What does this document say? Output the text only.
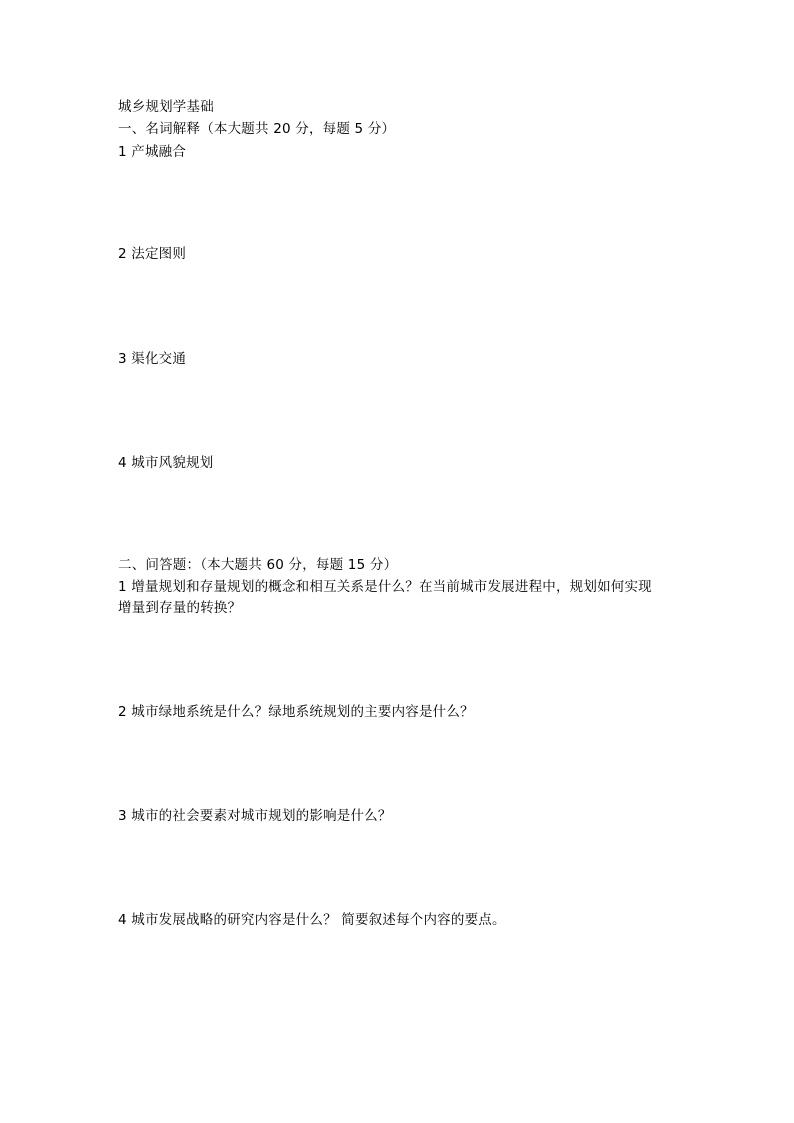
城乡规划学基础
一、名词解释（本大题共 20 分，每题 5 分）
1 产城融合
2 法定图则
3 渠化交通
4 城市风貌规划
二、问答题：（本大题共 60 分，每题 15 分）
1 增量规划和存量规划的概念和相互关系是什么？在当前城市发展进程中，规划如何实现
增量到存量的转换？
2 城市绿地系统是什么？绿地系统规划的主要内容是什么？
3 城市的社会要素对城市规划的影响是什么？
4 城市发展战略的研究内容是什么？ 简要叙述每个内容的要点。
